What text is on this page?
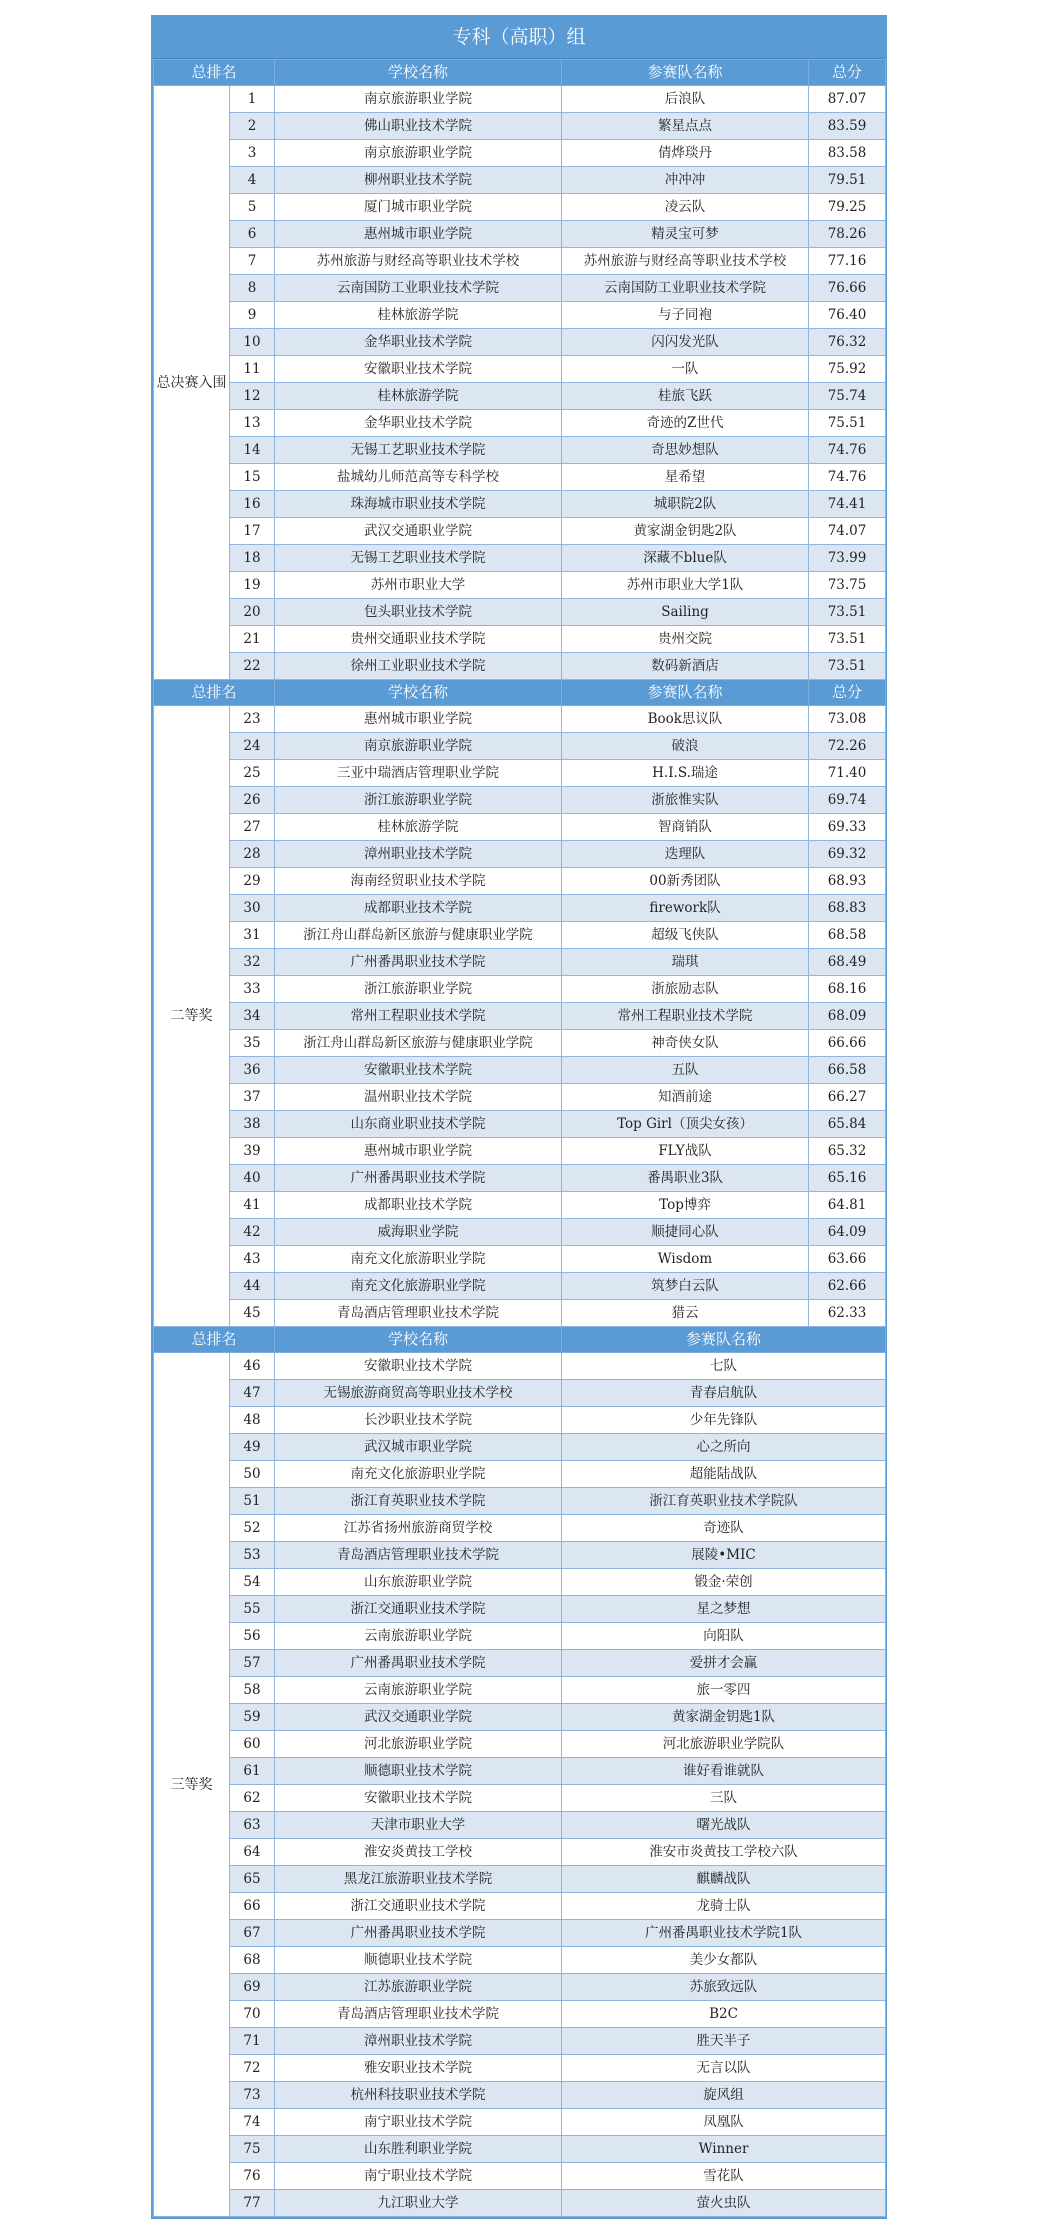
专科（高职）组
总排名		学校名称	参赛队名称	总分
总决赛入围	1	南京旅游职业学院	后浪队	87.07
	2	佛山职业技术学院	繁星点点	83.59
	3	南京旅游职业学院	倩烨琰丹	83.58
	4	柳州职业技术学院	冲冲冲	79.51
	5	厦门城市职业学院	凌云队	79.25
	6	惠州城市职业学院	精灵宝可梦	78.26
	7	苏州旅游与财经高等职业技术学校	苏州旅游与财经高等职业技术学校	77.16
	8	云南国防工业职业技术学院	云南国防工业职业技术学院	76.66
	9	桂林旅游学院	与子同袍	76.40
	10	金华职业技术学院	闪闪发光队	76.32
	11	安徽职业技术学院	一队	75.92
	12	桂林旅游学院	桂旅飞跃	75.74
	13	金华职业技术学院	奇迹的Z世代	75.51
	14	无锡工艺职业技术学院	奇思妙想队	74.76
	15	盐城幼儿师范高等专科学校	星希望	74.76
	16	珠海城市职业技术学院	城职院2队	74.41
	17	武汉交通职业学院	黄家湖金钥匙2队	74.07
	18	无锡工艺职业技术学院	深藏不blue队	73.99
	19	苏州市职业大学	苏州市职业大学1队	73.75
	20	包头职业技术学院	Sailing	73.51
	21	贵州交通职业技术学院	贵州交院	73.51
	22	徐州工业职业技术学院	数码新酒店	73.51
总排名		学校名称	参赛队名称	总分
二等奖	23	惠州城市职业学院	Book思议队	73.08
	24	南京旅游职业学院	破浪	72.26
	25	三亚中瑞酒店管理职业学院	H.I.S.瑞途	71.40
	26	浙江旅游职业学院	浙旅惟实队	69.74
	27	桂林旅游学院	智商销队	69.33
	28	漳州职业技术学院	迭理队	69.32
	29	海南经贸职业技术学院	00新秀团队	68.93
	30	成都职业技术学院	firework队	68.83
	31	浙江舟山群岛新区旅游与健康职业学院	超级飞侠队	68.58
	32	广州番禺职业技术学院	瑞琪	68.49
	33	浙江旅游职业学院	浙旅励志队	68.16
	34	常州工程职业技术学院	常州工程职业技术学院	68.09
	35	浙江舟山群岛新区旅游与健康职业学院	神奇侠女队	66.66
	36	安徽职业技术学院	五队	66.58
	37	温州职业技术学院	知酒前途	66.27
	38	山东商业职业技术学院	Top Girl（顶尖女孩）	65.84
	39	惠州城市职业学院	FLY战队	65.32
	40	广州番禺职业技术学院	番禺职业3队	65.16
	41	成都职业技术学院	Top博弈	64.81
	42	威海职业学院	顺捷同心队	64.09
	43	南充文化旅游职业学院	Wisdom	63.66
	44	南充文化旅游职业学院	筑梦白云队	62.66
	45	青岛酒店管理职业技术学院	猎云	62.33
总排名		学校名称	参赛队名称	
三等奖	46	安徽职业技术学院	七队	
	47	无锡旅游商贸高等职业技术学校	青春启航队	
	48	长沙职业技术学院	少年先锋队	
	49	武汉城市职业学院	心之所向	
	50	南充文化旅游职业学院	超能陆战队	
	51	浙江育英职业技术学院	浙江育英职业技术学院队	
	52	江苏省扬州旅游商贸学校	奇迹队	
	53	青岛酒店管理职业技术学院	展陵•MIC	
	54	山东旅游职业学院	锻金·荣创	
	55	浙江交通职业技术学院	星之梦想	
	56	云南旅游职业学院	向阳队	
	57	广州番禺职业技术学院	爱拼才会赢	
	58	云南旅游职业学院	旅一零四	
	59	武汉交通职业学院	黄家湖金钥匙1队	
	60	河北旅游职业学院	河北旅游职业学院队	
	61	顺德职业技术学院	谁好看谁就队	
	62	安徽职业技术学院	三队	
	63	天津市职业大学	曙光战队	
	64	淮安炎黄技工学校	淮安市炎黄技工学校六队	
	65	黑龙江旅游职业技术学院	麒麟战队	
	66	浙江交通职业技术学院	龙骑士队	
	67	广州番禺职业技术学院	广州番禺职业技术学院1队	
	68	顺德职业技术学院	美少女都队	
	69	江苏旅游职业学院	苏旅致远队	
	70	青岛酒店管理职业技术学院	B2C	
	71	漳州职业技术学院	胜天半子	
	72	雅安职业技术学院	无言以队	
	73	杭州科技职业技术学院	旋风组	
	74	南宁职业技术学院	凤凰队	
	75	山东胜利职业学院	Winner	
	76	南宁职业技术学院	雪花队	
	77	九江职业大学	萤火虫队	
